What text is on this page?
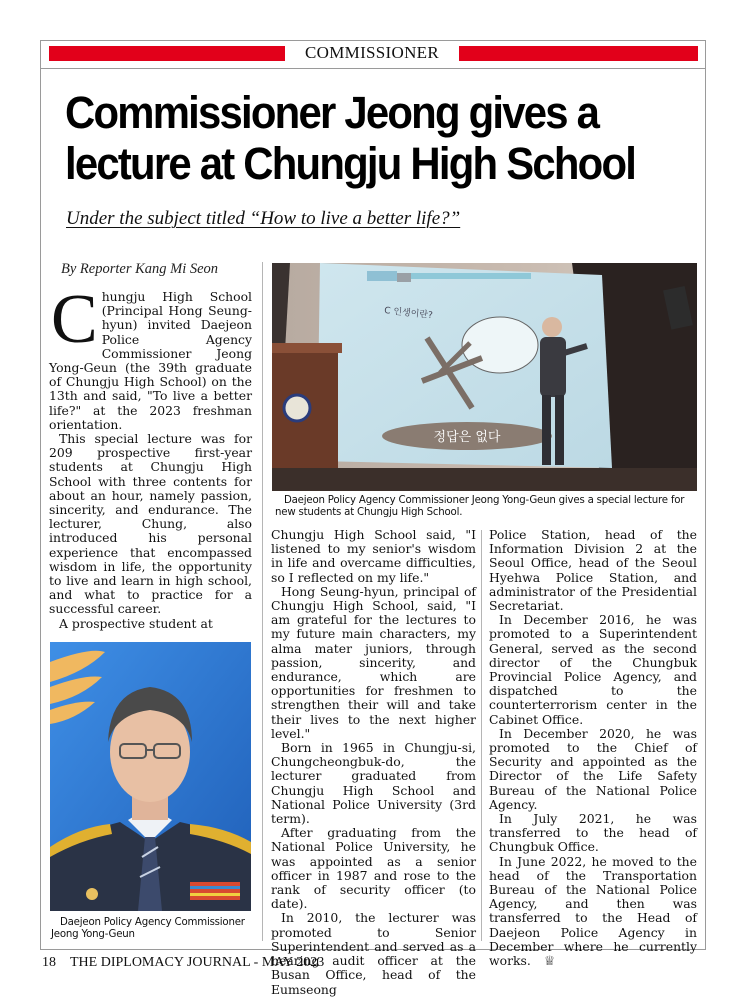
COMMISSIONER
Commissioner Jeong gives a
lecture at Chungju High School
Under the subject titled “How to live a better life?”
By Reporter Kang Mi Seon

Chungju High School (Principal Hong Seung-hyun) invited Daejeon Police Agency Commissioner Jeong Yong-Geun (the 39th graduate of Chungju High School) on the 13th and said, "To live a better life?" at the 2023 freshman orientation.

This special lecture was for 209 prospective first-year students at Chungju High School with three contents for about an hour, namely passion, sincerity, and endurance. The lecturer, Chung, also introduced his personal experience that encompassed wisdom in life, the opportunity to live and learn in high school, and what to practice for a successful career.

A prospective student at

C 인생이란?
정답은 없다
Daejeon Policy Agency Commissioner Jeong Yong-Geun gives a special lecture for new students at Chungju High School.

Chungju High School said, "I listened to my senior's wisdom in life and overcame difficulties, so I reflected on my life."

Hong Seung-hyun, principal of Chungju High School, said, "I am grateful for the lectures to my future main characters, my alma mater juniors, through passion, sincerity, and endurance, which are opportunities for freshmen to strengthen their will and take their lives to the next higher level."

Born in 1965 in Chungju-si, Chungcheongbuk-do, the lecturer graduated from Chungju High School and National Police University (3rd term).

After graduating from the National Police University, he was appointed as a senior officer in 1987 and rose to the rank of security officer (to date).

In 2010, the lecturer was promoted to Senior Superintendent and served as a hearing audit officer at the Busan Office, head of the Eumseong

Police Station, head of the Information Division 2 at the Seoul Office, head of the Seoul Hyehwa Police Station, and administrator of the Presidential Secretariat.

In December 2016, he was promoted to a Superintendent General, served as the second director of the Chungbuk Provincial Police Agency, and dispatched to the counterterrorism center in the Cabinet Office.

In December 2020, he was promoted to the Chief of Security and appointed as the Director of the Life Safety Bureau of the National Police Agency.

In July 2021, he was transferred to the head of Chungbuk Office.

In June 2022, he moved to the head of the Transportation Bureau of the National Police Agency, and then was transferred to the Head of Daejeon Police Agency in December where he currently works. ♕

Daejeon Policy Agency Commissioner Jeong Yong-Geun
18 THE DIPLOMACY JOURNAL - MAY 2023
